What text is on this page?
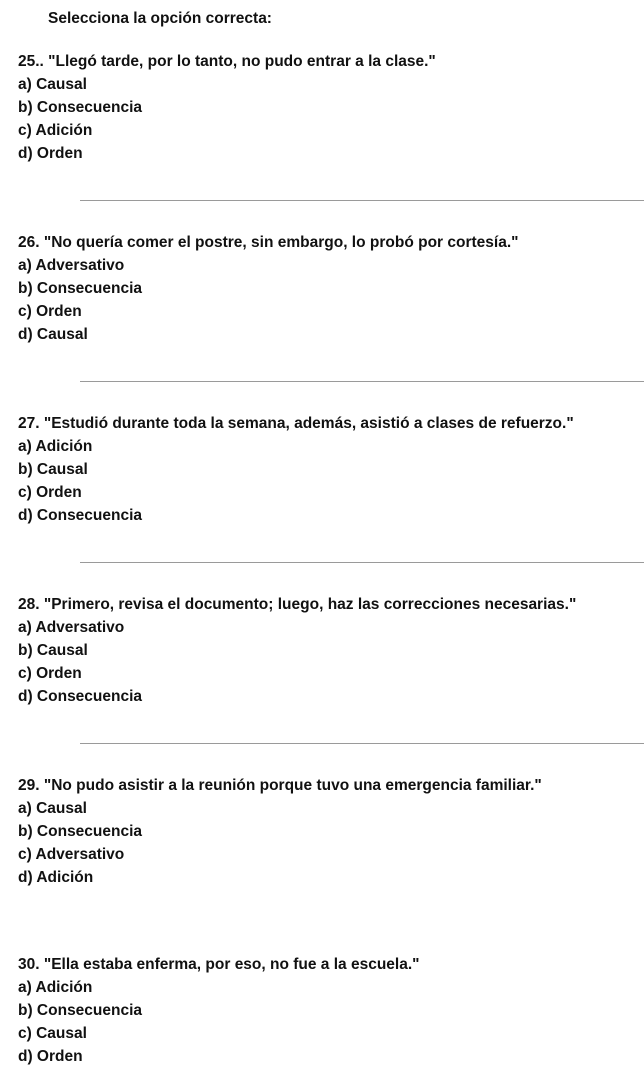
Selecciona la opción correcta:
25.. "Llegó tarde, por lo tanto, no pudo entrar a la clase."
a) Causal
b) Consecuencia
c) Adición
d) Orden
26. "No quería comer el postre, sin embargo, lo probó por cortesía."
a) Adversativo
b) Consecuencia
c) Orden
d) Causal
27. "Estudió durante toda la semana, además, asistió a clases de refuerzo."
a) Adición
b) Causal
c) Orden
d) Consecuencia
28. "Primero, revisa el documento; luego, haz las correcciones necesarias."
a) Adversativo
b) Causal
c) Orden
d) Consecuencia
29. "No pudo asistir a la reunión porque tuvo una emergencia familiar."
a) Causal
b) Consecuencia
c) Adversativo
d) Adición
30. "Ella estaba enferma, por eso, no fue a la escuela."
a) Adición
b) Consecuencia
c) Causal
d) Orden
